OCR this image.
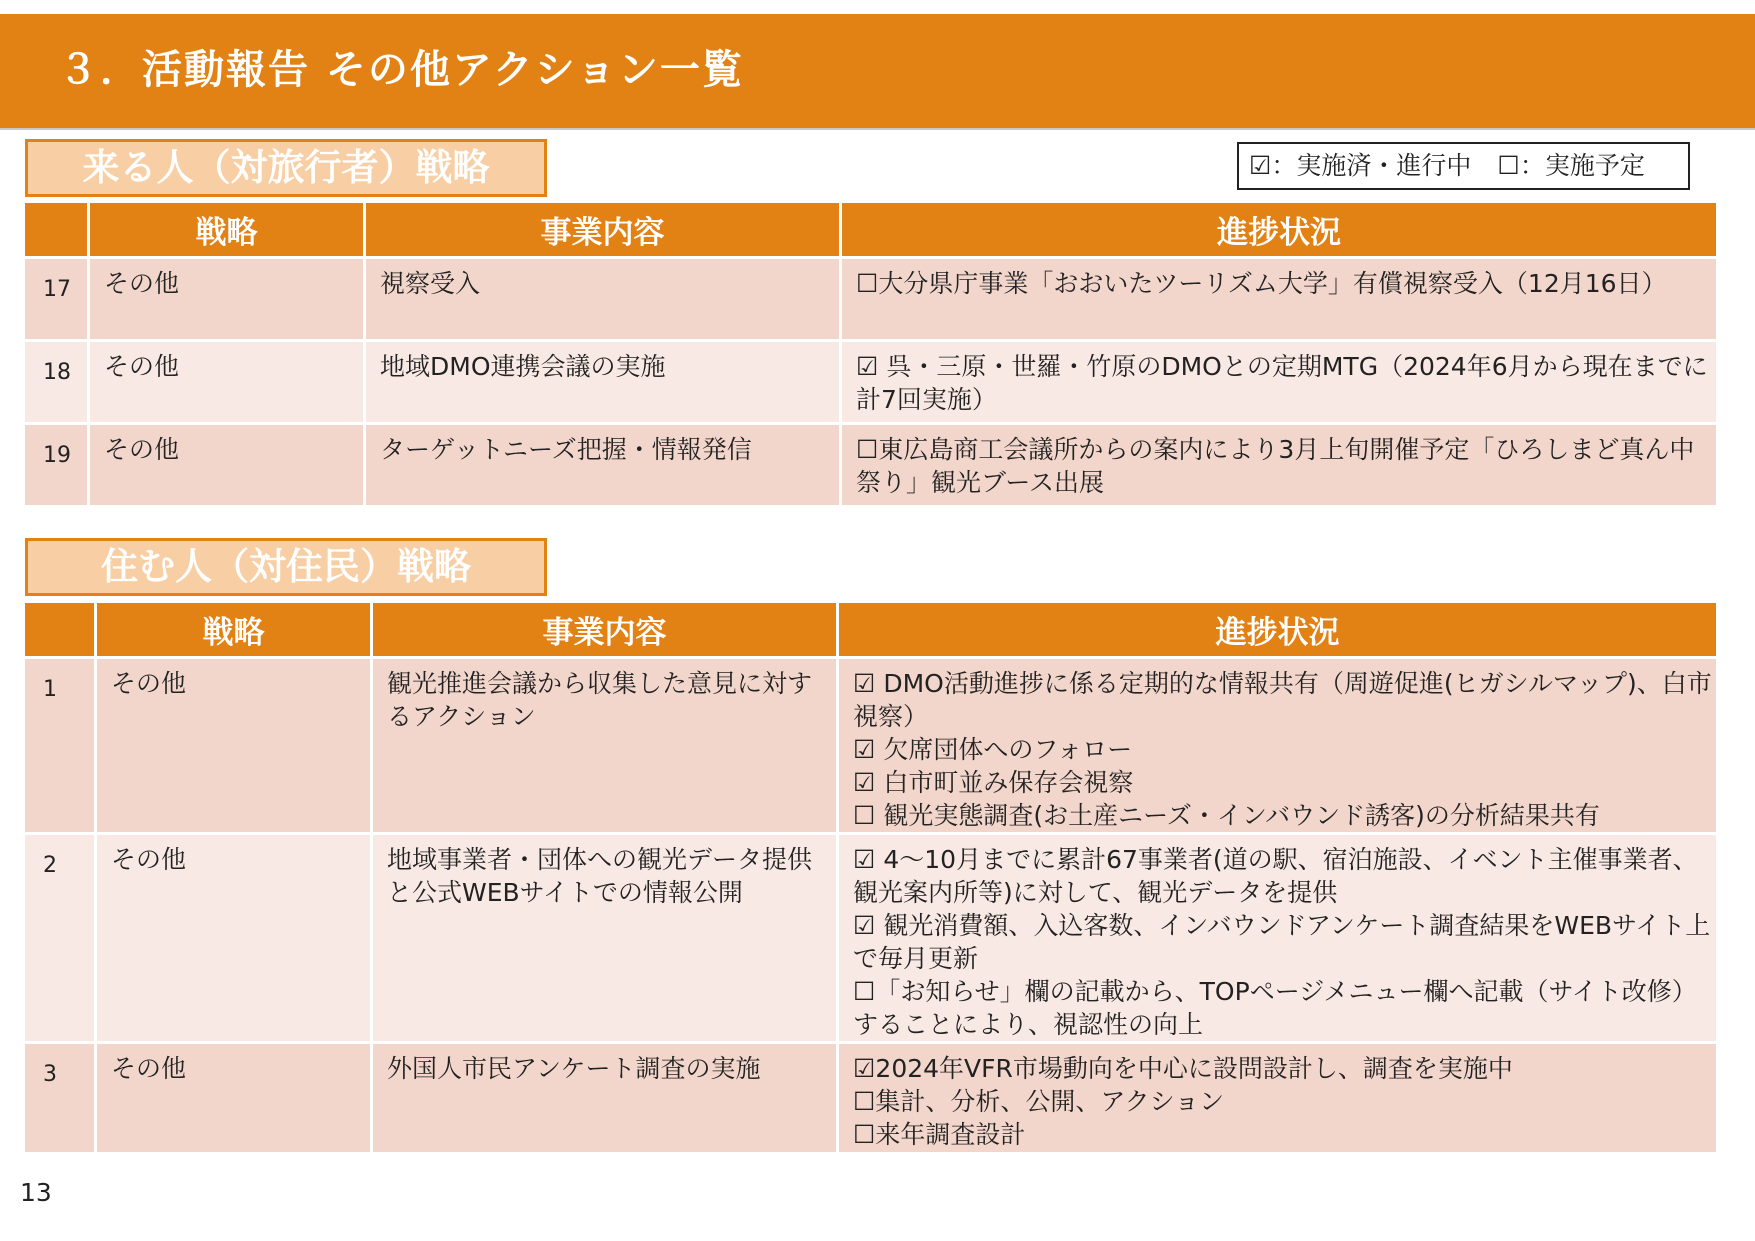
３．活動報告 その他アクション一覧
来る人（対旅行者）戦略	☑：実施済・進行中 ☐：実施予定
	戦略	事業内容	進捗状況
17	その他	視察受入	☐大分県庁事業「おおいたツーリズム大学」有償視察受入（12月16日）

18	その他	地域DMO連携会議の実施	☑ 呉・三原・世羅・竹原のDMOとの定期MTG（2024年6月から現在までに計7回実施）

19	その他	ターゲットニーズ把握・情報発信	☐東広島商工会議所からの案内により3月上旬開催予定「ひろしまど真ん中祭り」観光ブース出展
住む人（対住民）戦略
	戦略	事業内容	進捗状況
1	その他	観光推進会議から収集した意見に対するアクション	☑ DMO活動進捗に係る定期的な情報共有（周遊促進(ヒガシルマップ)、白市視察）
☑ 欠席団体へのフォロー
☑ 白市町並み保存会視察
☐ 観光実態調査(お土産ニーズ・インバウンド誘客)の分析結果共有

2	その他	地域事業者・団体への観光データ提供と公式WEBサイトでの情報公開	☑ 4～10月までに累計67事業者(道の駅、宿泊施設、イベント主催事業者、観光案内所等)に対して、観光データを提供
☑ 観光消費額、入込客数、インバウンドアンケート調査結果をWEBサイト上で毎月更新
☐「お知らせ」欄の記載から、TOPページメニュー欄へ記載（サイト改修）することにより、視認性の向上

3	その他	外国人市民アンケート調査の実施	☑2024年VFR市場動向を中心に設問設計し、調査を実施中
☐集計、分析、公開、アクション
☐来年調査設計
13
